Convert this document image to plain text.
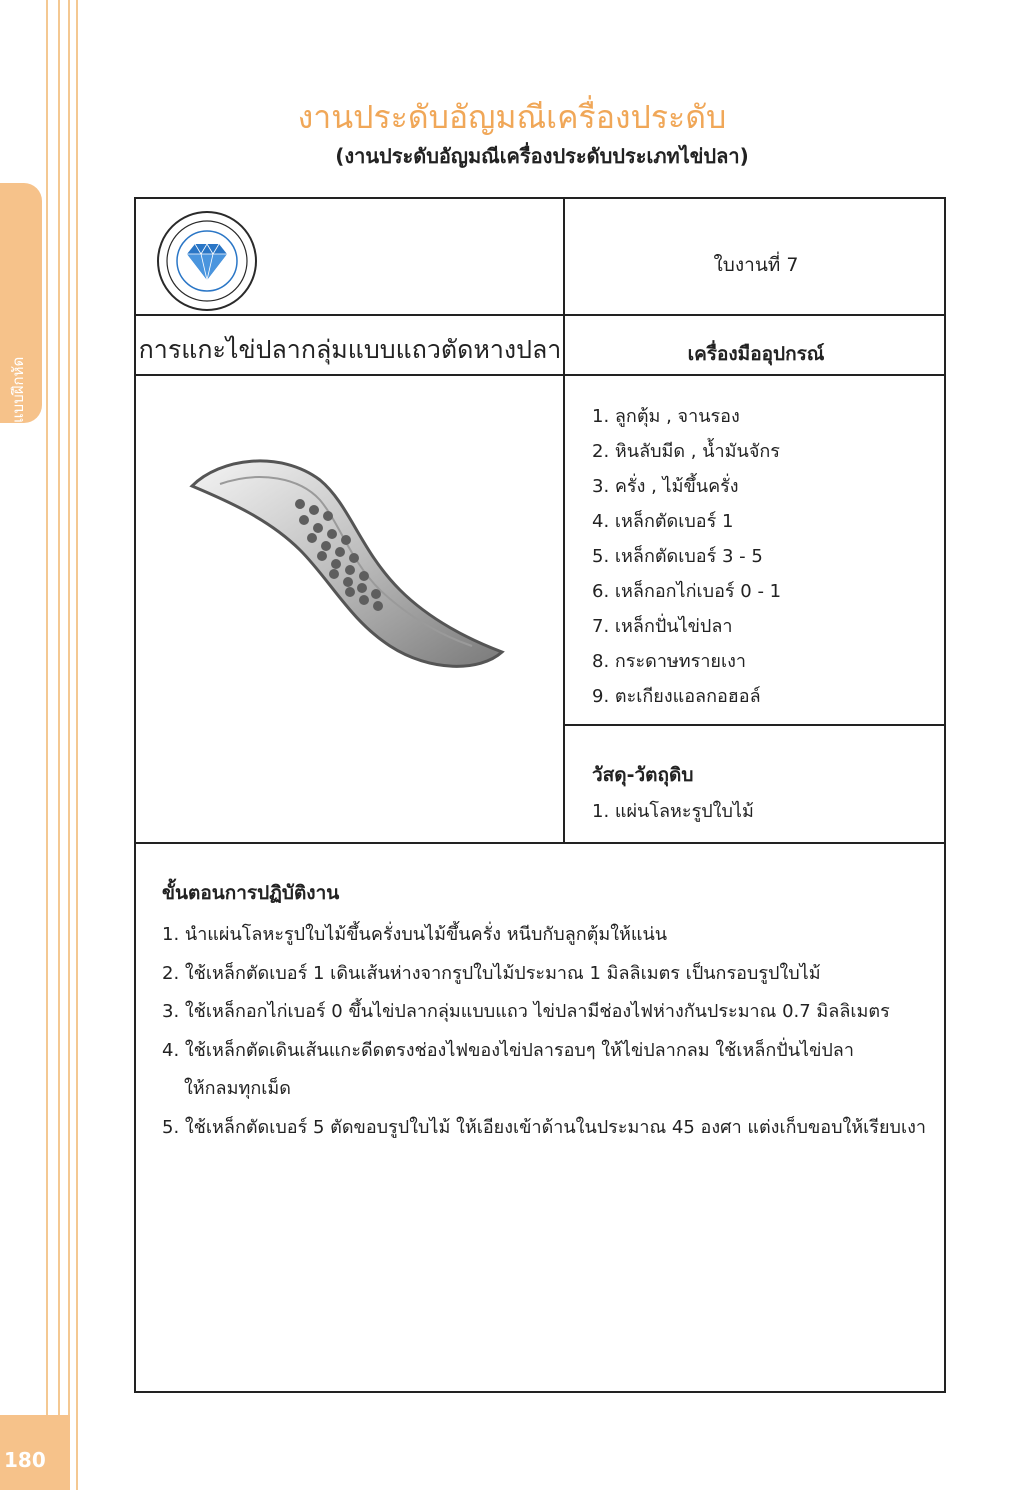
แบบฝึกหัด
180
งานประดับอัญมณีเครื่องประดับ
(งานประดับอัญมณีเครื่องประดับประเภทไข่ปลา)
ใบงานที่ 7
การแกะไข่ปลากลุ่มแบบแถวตัดหางปลา	เครื่องมืออุปกรณ์
1. ลูกตุ้ม , จานรอง
2. หินลับมีด , น้ำมันจักร
3. ครั่ง , ไม้ขึ้นครั่ง
4. เหล็กตัดเบอร์ 1
5. เหล็กตัดเบอร์ 3 - 5
6. เหล็กอกไก่เบอร์ 0 - 1
7. เหล็กปั่นไข่ปลา
8. กระดาษทรายเงา
9. ตะเกียงแอลกอฮอล์
วัสดุ-วัตถุดิบ
1. แผ่นโลหะรูปใบไม้
ขั้นตอนการปฏิบัติงาน
1. นำแผ่นโลหะรูปใบไม้ขึ้นครั่งบนไม้ขึ้นครั่ง หนีบกับลูกตุ้มให้แน่น
2. ใช้เหล็กตัดเบอร์ 1 เดินเส้นห่างจากรูปใบไม้ประมาณ 1 มิลลิเมตร เป็นกรอบรูปใบไม้
3. ใช้เหล็กอกไก่เบอร์ 0 ขึ้นไข่ปลากลุ่มแบบแถว ไข่ปลามีช่องไฟห่างกันประมาณ 0.7 มิลลิเมตร
4. ใช้เหล็กตัดเดินเส้นแกะดีดตรงช่องไฟของไข่ปลารอบๆ ให้ไข่ปลากลม ใช้เหล็กปั่นไข่ปลา
ให้กลมทุกเม็ด
5. ใช้เหล็กตัดเบอร์ 5 ตัดขอบรูปใบไม้ ให้เอียงเข้าด้านในประมาณ 45 องศา แต่งเก็บขอบให้เรียบเงา
